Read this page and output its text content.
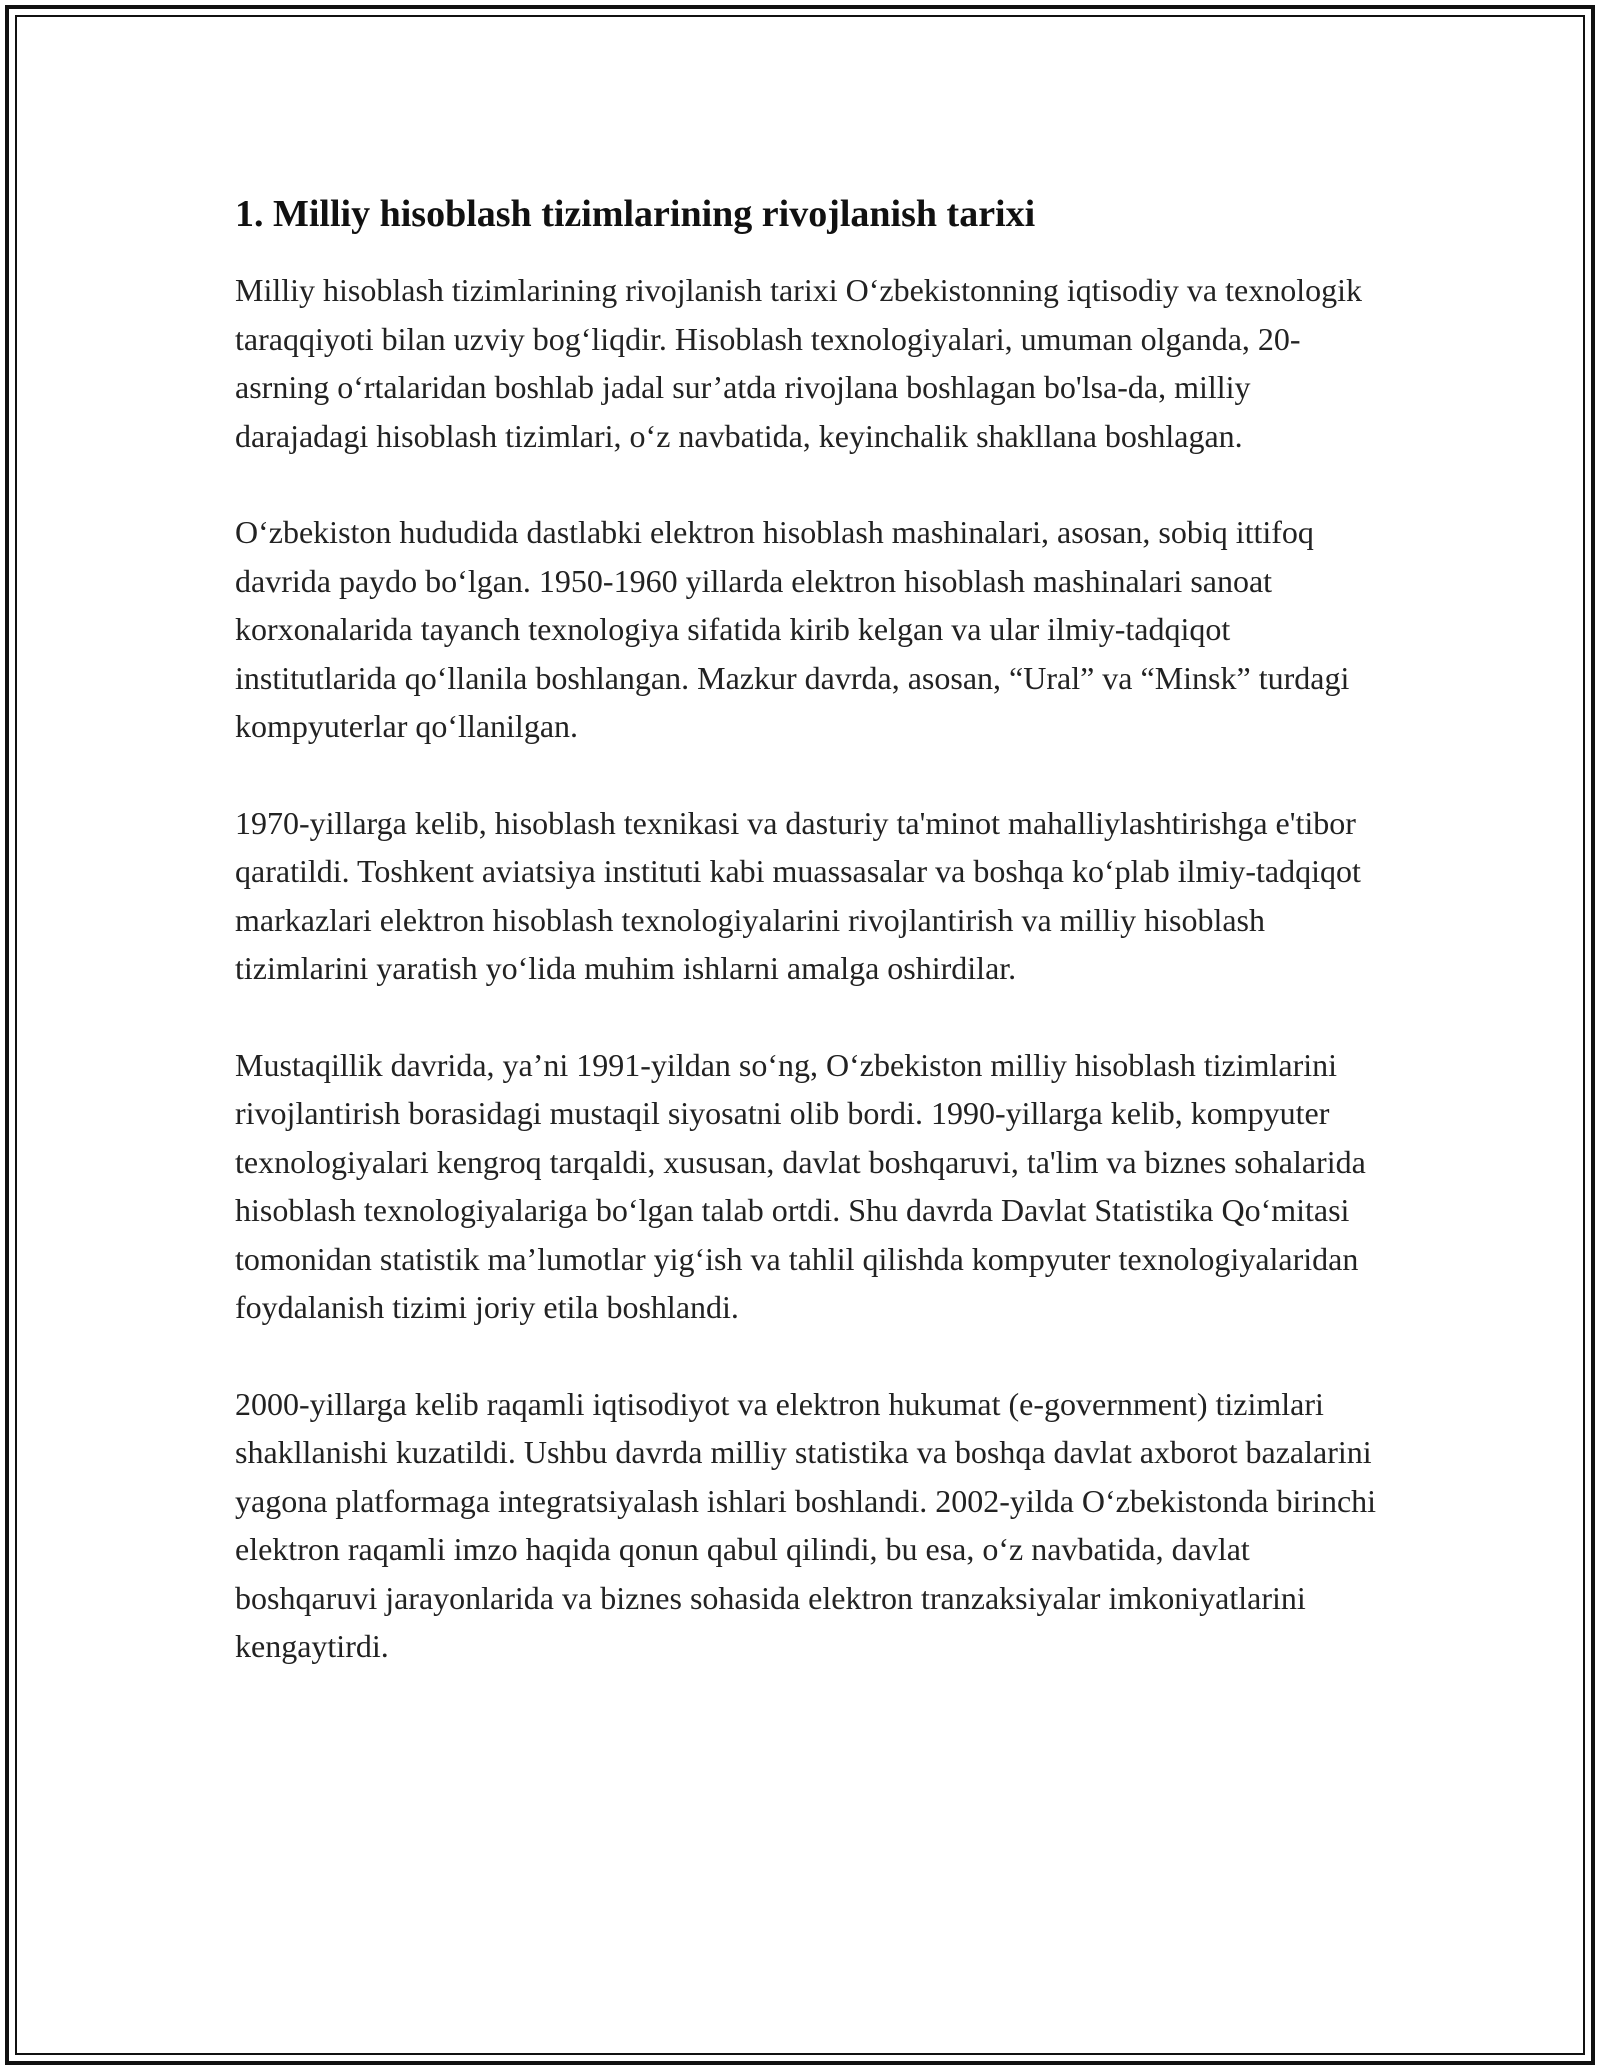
1. Milliy hisoblash tizimlarining rivojlanish tarixi

Milliy hisoblash tizimlarining rivojlanish tarixi O‘zbekistonning iqtisodiy va texnologik taraqqiyoti bilan uzviy bog‘liqdir. Hisoblash texnologiyalari, umuman olganda, 20-asrning o‘rtalaridan boshlab jadal sur’atda rivojlana boshlagan bo'lsa-da, milliy darajadagi hisoblash tizimlari, o‘z navbatida, keyinchalik shakllana boshlagan.

O‘zbekiston hududida dastlabki elektron hisoblash mashinalari, asosan, sobiq ittifoq davrida paydo bo‘lgan. 1950-1960 yillarda elektron hisoblash mashinalari sanoat korxonalarida tayanch texnologiya sifatida kirib kelgan va ular ilmiy-tadqiqot institutlarida qo‘llanila boshlangan. Mazkur davrda, asosan, “Ural” va “Minsk” turdagi kompyuterlar qo‘llanilgan.

1970-yillarga kelib, hisoblash texnikasi va dasturiy ta'minot mahalliylashtirishga e'tibor qaratildi. Toshkent aviatsiya instituti kabi muassasalar va boshqa ko‘plab ilmiy-tadqiqot markazlari elektron hisoblash texnologiyalarini rivojlantirish va milliy hisoblash tizimlarini yaratish yo‘lida muhim ishlarni amalga oshirdilar.

Mustaqillik davrida, ya’ni 1991-yildan so‘ng, O‘zbekiston milliy hisoblash tizimlarini rivojlantirish borasidagi mustaqil siyosatni olib bordi. 1990-yillarga kelib, kompyuter texnologiyalari kengroq tarqaldi, xususan, davlat boshqaruvi, ta'lim va biznes sohalarida hisoblash texnologiyalariga bo‘lgan talab ortdi. Shu davrda Davlat Statistika Qo‘mitasi tomonidan statistik ma’lumotlar yig‘ish va tahlil qilishda kompyuter texnologiyalaridan foydalanish tizimi joriy etila boshlandi.

2000-yillarga kelib raqamli iqtisodiyot va elektron hukumat (e-government) tizimlari shakllanishi kuzatildi. Ushbu davrda milliy statistika va boshqa davlat axborot bazalarini yagona platformaga integratsiyalash ishlari boshlandi. 2002-yilda O‘zbekistonda birinchi elektron raqamli imzo haqida qonun qabul qilindi, bu esa, o‘z navbatida, davlat boshqaruvi jarayonlarida va biznes sohasida elektron tranzaksiyalar imkoniyatlarini kengaytirdi.
